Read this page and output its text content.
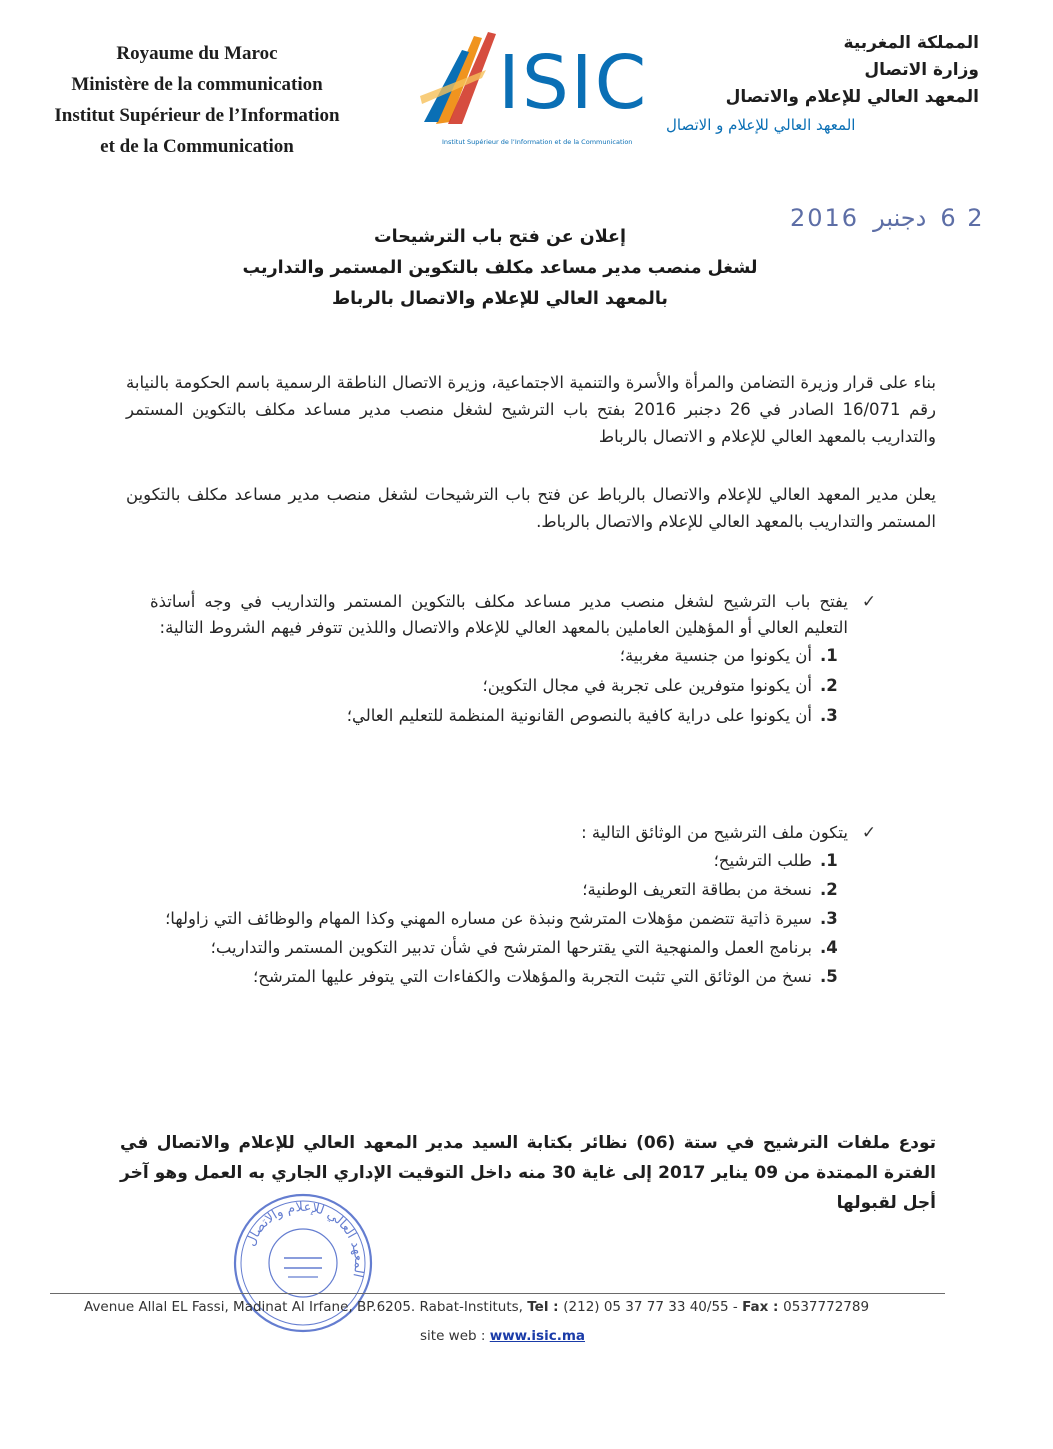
Royaume du Maroc
Ministère de la communication
Institut Supérieur de l’Information
et de la Communication
ISIC المعهد العالي للإعلام و الاتصال
Institut Supérieur de l’Information et de la Communication
المملكة المغربية
وزارة الاتصال
المعهد العالي للإعلام والاتصال
2 6
دجنبر
2016
إعلان عن فتح باب الترشيحات
لشغل منصب مدير مساعد مكلف بالتكوين المستمر والتداريب
بالمعهد العالي للإعلام والاتصال بالرباط
بناء على قرار وزيرة التضامن والمرأة والأسرة والتنمية الاجتماعية، وزيرة الاتصال الناطقة الرسمية باسم الحكومة بالنيابة رقم 16/071 الصادر في 26 دجنبر 2016 بفتح باب الترشيح لشغل منصب مدير مساعد مكلف بالتكوين المستمر والتداريب بالمعهد العالي للإعلام و الاتصال بالرباط
يعلن مدير المعهد العالي للإعلام والاتصال بالرباط عن فتح باب الترشيحات لشغل منصب مدير مساعد مكلف بالتكوين المستمر والتداريب بالمعهد العالي للإعلام والاتصال بالرباط.
✓
يفتح باب الترشيح لشغل منصب مدير مساعد مكلف بالتكوين المستمر والتداريب في وجه أساتذة التعليم العالي أو المؤهلين العاملين بالمعهد العالي للإعلام والاتصال واللذين تتوفر فيهم الشروط التالية:
.1
أن يكونوا من جنسية مغربية؛
.2
أن يكونوا متوفرين على تجربة في مجال التكوين؛
.3
أن يكونوا على دراية كافية بالنصوص القانونية المنظمة للتعليم العالي؛
✓
يتكون ملف الترشيح من الوثائق التالية :
.1
طلب الترشيح؛
.2
نسخة من بطاقة التعريف الوطنية؛
.3
سيرة ذاتية تتضمن مؤهلات المترشح ونبذة عن مساره المهني وكذا المهام والوظائف التي زاولها؛
.4
برنامج العمل والمنهجية التي يقترحها المترشح في شأن تدبير التكوين المستمر والتداريب؛
.5
نسخ من الوثائق التي تثبت التجربة والمؤهلات والكفاءات التي يتوفر عليها المترشح؛
تودع ملفات الترشيح في ستة (06) نظائر بكتابة السيد مدير المعهد العالي للإعلام والاتصال في الفترة الممتدة من 09 يناير 2017 إلى غاية 30 منه داخل التوقيت الإداري الجاري به العمل وهو آخر أجل لقبولها
المعهد العالي للإعلام والاتصال
Avenue Allal EL Fassi, Madinat Al Irfane, BP.6205. Rabat-Instituts, Tel : (212) 05 37 77 33 40/55 - Fax : 0537772789
site web : www.isic.ma
